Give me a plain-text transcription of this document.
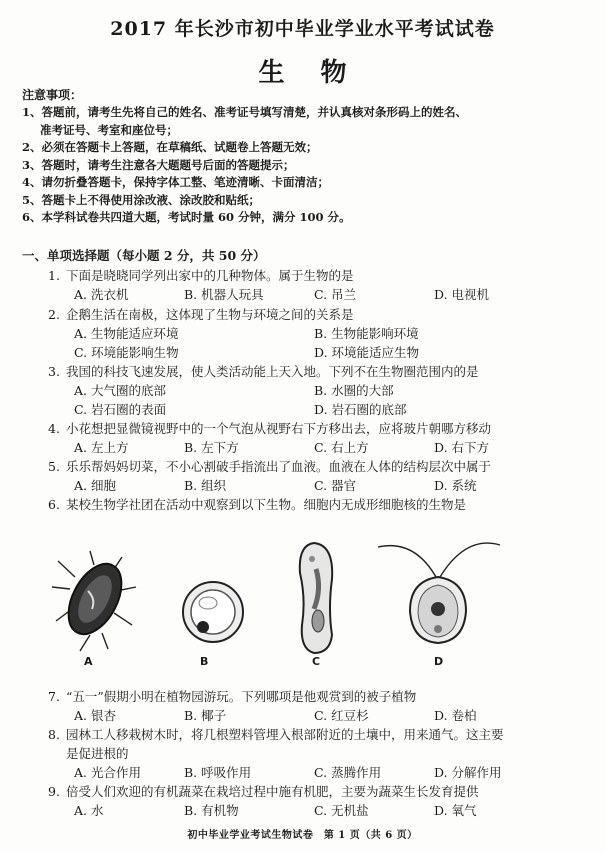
2017 年长沙市初中毕业学业水平考试试卷
生物
注意事项：
1、答题前，请考生先将自己的姓名、准考证号填写清楚，并认真核对条形码上的姓名、
准考证号、考室和座位号；
2、必须在答题卡上答题，在草稿纸、试题卷上答题无效；
3、答题时，请考生注意各大题题号后面的答题提示；
4、请勿折叠答题卡，保持字体工整、笔迹清晰、卡面清洁；
5、答题卡上不得使用涂改液、涂改胶和贴纸；
6、本学科试卷共四道大题，考试时量 60 分钟，满分 100 分。
一、单项选择题（每小题 2 分，共 50 分）
1. 下面是晓晓同学列出家中的几种物体。属于生物的是
A. 洗衣机	B. 机器人玩具	C. 吊兰	D. 电视机
2. 企鹅生活在南极，这体现了生物与环境之间的关系是
A. 生物能适应环境	B. 生物能影响环境
C. 环境能影响生物	D. 环境能适应生物
3. 我国的科技飞速发展，使人类活动能上天入地。下列不在生物圈范围内的是
A. 大气圈的底部	B. 水圈的大部
C. 岩石圈的表面	D. 岩石圈的底部
4. 小花想把显微镜视野中的一个气泡从视野右下方移出去，应将玻片朝哪方移动
A. 左上方	B. 左下方	C. 右上方	D. 右下方
5. 乐乐帮妈妈切菜，不小心割破手指流出了血液。血液在人体的结构层次中属于
A. 细胞	B. 组织	C. 器官	D. 系统
6. 某校生物学社团在活动中观察到以下生物。细胞内无成形细胞核的生物是
A	B	C	D
7. “五一”假期小明在植物园游玩。下列哪项是他观赏到的被子植物
A. 银杏	B. 椰子	C. 红豆杉	D. 卷柏
8. 园林工人移栽树木时，将几根塑料管埋入根部附近的土壤中，用来通气。这主要
是促进根的
A. 光合作用	B. 呼吸作用	C. 蒸腾作用	D. 分解作用
9. 倍受人们欢迎的有机蔬菜在栽培过程中施有机肥，主要为蔬菜生长发育提供
A. 水	B. 有机物	C. 无机盐	D. 氧气
初中毕业学业考试生物试卷　第 1 页（共 6 页）
